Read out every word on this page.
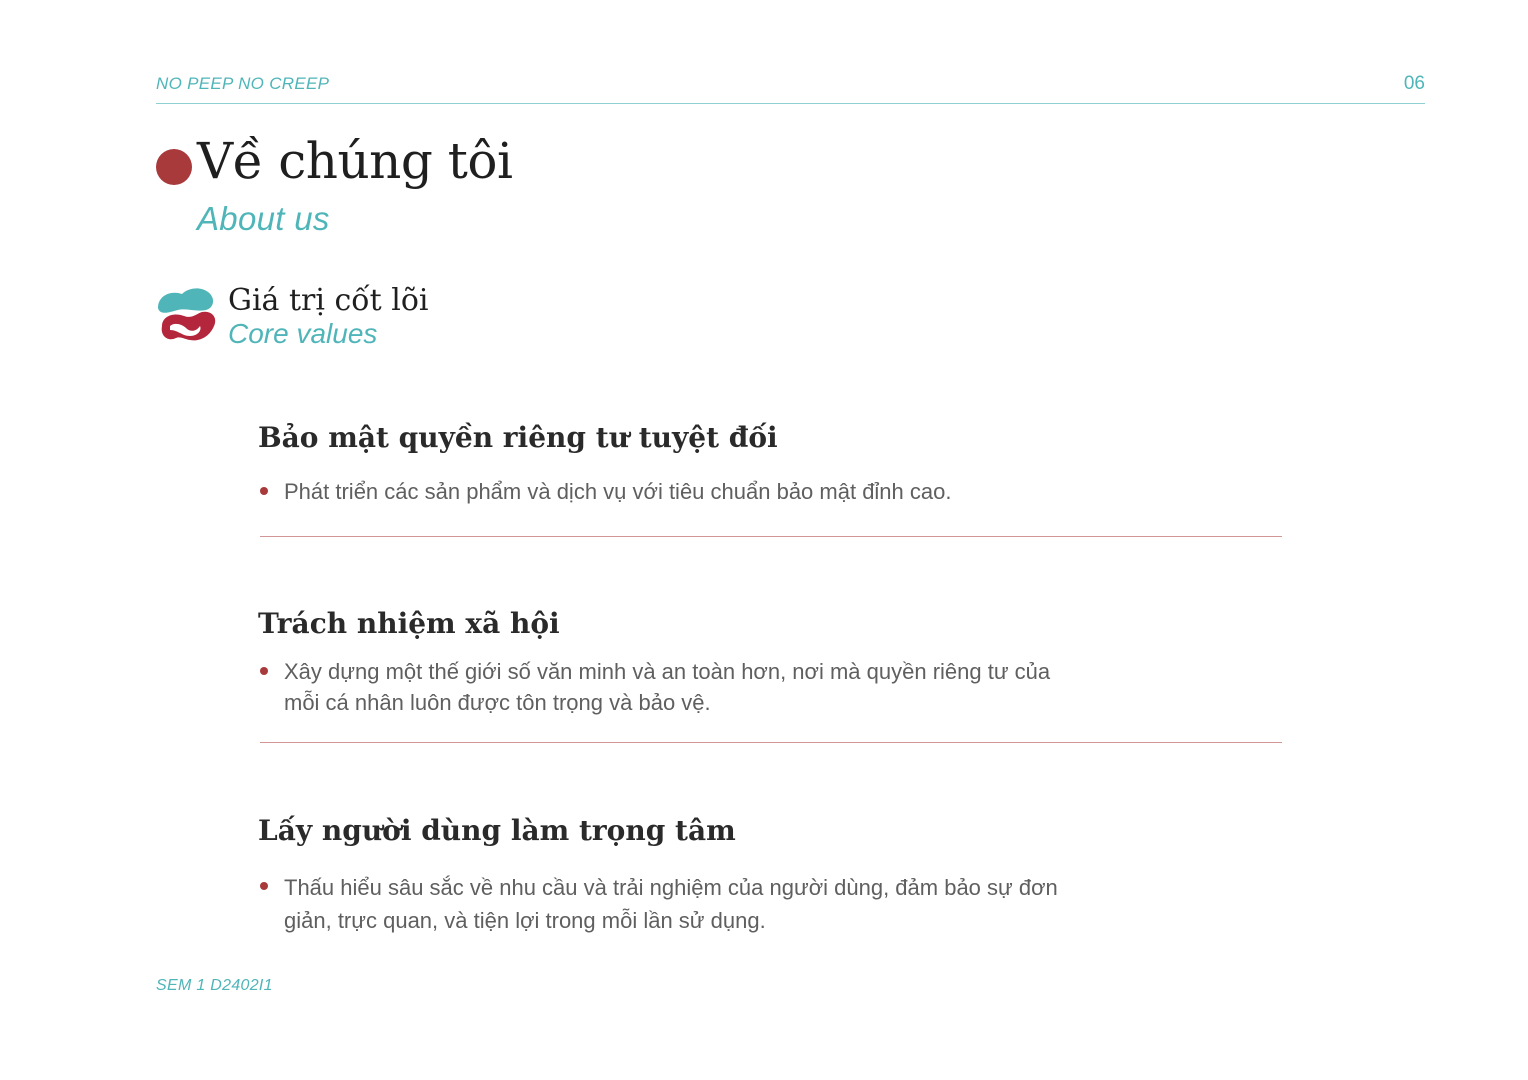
NO PEEP NO CREEP	06
Về chúng tôi
About us
Giá trị cốt lõi
Core values
Bảo mật quyền riêng tư tuyệt đối
Phát triển các sản phẩm và dịch vụ với tiêu chuẩn bảo mật đỉnh cao.
Trách nhiệm xã hội
Xây dựng một thế giới số văn minh và an toàn hơn, nơi mà quyền riêng tư của
mỗi cá nhân luôn được tôn trọng và bảo vệ.
Lấy người dùng làm trọng tâm
Thấu hiểu sâu sắc về nhu cầu và trải nghiệm của người dùng, đảm bảo sự đơn
giản, trực quan, và tiện lợi trong mỗi lần sử dụng.
SEM 1 D2402I1
